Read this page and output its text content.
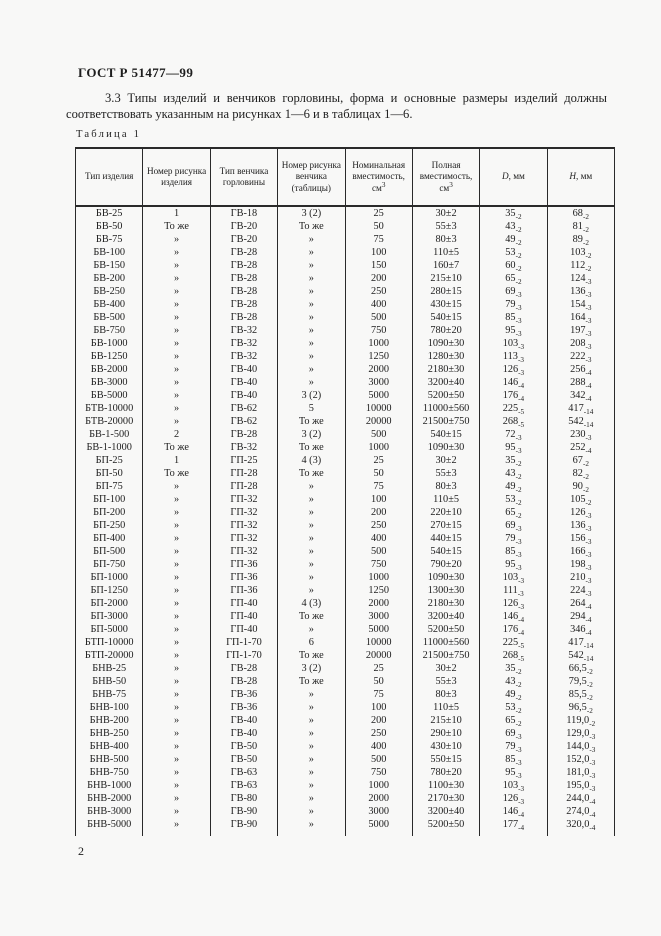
ГОСТ Р 51477—99

3.3 Типы изделий и венчиков горловины, форма и основные размеры изделий должны соответствовать указанным на рисунках 1—6 и в таблицах 1—6.

Таблица 1
Тип изделия	Номер рисунка изделия	Тип венчика горловины	Номер рисунка венчика (таблицы)	Номинальная вместимость, $см^3$	Полная вместимость, $см^3$	D, мм	H, мм
БВ-25	1	ГВ-18	3 (2)	25	30±2	$35_{-2}$	$68_{-2}$
БВ-50	То же	ГВ-20	То же	50	55±3	$43_{-2}$	$81_{-2}$
БВ-75	»	ГВ-20	»	75	80±3	$49_{-2}$	$89_{-2}$
БВ-100	»	ГВ-28	»	100	110±5	$53_{-2}$	$103_{-2}$
БВ-150	»	ГВ-28	»	150	160±7	$60_{-2}$	$112_{-2}$
БВ-200	»	ГВ-28	»	200	215±10	$65_{-2}$	$124_{-3}$
БВ-250	»	ГВ-28	»	250	280±15	$69_{-3}$	$136_{-3}$
БВ-400	»	ГВ-28	»	400	430±15	$79_{-3}$	$154_{-3}$
БВ-500	»	ГВ-28	»	500	540±15	$85_{-3}$	$164_{-3}$
БВ-750	»	ГВ-32	»	750	780±20	$95_{-3}$	$197_{-3}$
БВ-1000	»	ГВ-32	»	1000	1090±30	$103_{-3}$	$208_{-3}$
БВ-1250	»	ГВ-32	»	1250	1280±30	$113_{-3}$	$222_{-3}$
БВ-2000	»	ГВ-40	»	2000	2180±30	$126_{-3}$	$256_{-4}$
БВ-3000	»	ГВ-40	»	3000	3200±40	$146_{-4}$	$288_{-4}$
БВ-5000	»	ГВ-40	3 (2)	5000	5200±50	$176_{-4}$	$342_{-4}$
БТВ-10000	»	ГВ-62	5	10000	11000±560	$225_{-5}$	$417_{-14}$
БТВ-20000	»	ГВ-62	То же	20000	21500±750	$268_{-5}$	$542_{-14}$
БВ-1-500	2	ГВ-28	3 (2)	500	540±15	$72_{-3}$	$230_{-3}$
БВ-1-1000	То же	ГВ-32	То же	1000	1090±30	$95_{-3}$	$252_{-4}$
БП-25	1	ГП-25	4 (3)	25	30±2	$35_{-2}$	$67_{-2}$
БП-50	То же	ГП-28	То же	50	55±3	$43_{-2}$	$82_{-2}$
БП-75	»	ГП-28	»	75	80±3	$49_{-2}$	$90_{-2}$
БП-100	»	ГП-32	»	100	110±5	$53_{-2}$	$105_{-2}$
БП-200	»	ГП-32	»	200	220±10	$65_{-2}$	$126_{-3}$
БП-250	»	ГП-32	»	250	270±15	$69_{-3}$	$136_{-3}$
БП-400	»	ГП-32	»	400	440±15	$79_{-3}$	$156_{-3}$
БП-500	»	ГП-32	»	500	540±15	$85_{-3}$	$166_{-3}$
БП-750	»	ГП-36	»	750	790±20	$95_{-3}$	$198_{-3}$
БП-1000	»	ГП-36	»	1000	1090±30	$103_{-3}$	$210_{-3}$
БП-1250	»	ГП-36	»	1250	1300±30	$111_{-3}$	$224_{-3}$
БП-2000	»	ГП-40	4 (3)	2000	2180±30	$126_{-3}$	$264_{-4}$
БП-3000	»	ГП-40	То же	3000	3200±40	$146_{-4}$	$294_{-4}$
БП-5000	»	ГП-40	»	5000	5200±50	$176_{-4}$	$346_{-4}$
БТП-10000	»	ГП-1-70	6	10000	11000±560	$225_{-5}$	$417_{-14}$
БТП-20000	»	ГП-1-70	То же	20000	21500±750	$268_{-5}$	$542_{-14}$
БНВ-25	»	ГВ-28	3 (2)	25	30±2	$35_{-2}$	$66,5_{-2}$
БНВ-50	»	ГВ-28	То же	50	55±3	$43_{-2}$	$79,5_{-2}$
БНВ-75	»	ГВ-36	»	75	80±3	$49_{-2}$	$85,5_{-2}$
БНВ-100	»	ГВ-36	»	100	110±5	$53_{-2}$	$96,5_{-2}$
БНВ-200	»	ГВ-40	»	200	215±10	$65_{-2}$	$119,0_{-2}$
БНВ-250	»	ГВ-40	»	250	290±10	$69_{-3}$	$129,0_{-3}$
БНВ-400	»	ГВ-50	»	400	430±10	$79_{-3}$	$144,0_{-3}$
БНВ-500	»	ГВ-50	»	500	550±15	$85_{-3}$	$152,0_{-3}$
БНВ-750	»	ГВ-63	»	750	780±20	$95_{-3}$	$181,0_{-3}$
БНВ-1000	»	ГВ-63	»	1000	1100±30	$103_{-3}$	$195,0_{-3}$
БНВ-2000	»	ГВ-80	»	2000	2170±30	$126_{-3}$	$244,0_{-4}$
БНВ-3000	»	ГВ-90	»	3000	3200±40	$146_{-4}$	$274,0_{-4}$
БНВ-5000	»	ГВ-90	»	5000	5200±50	$177_{-4}$	$320,0_{-4}$
2
